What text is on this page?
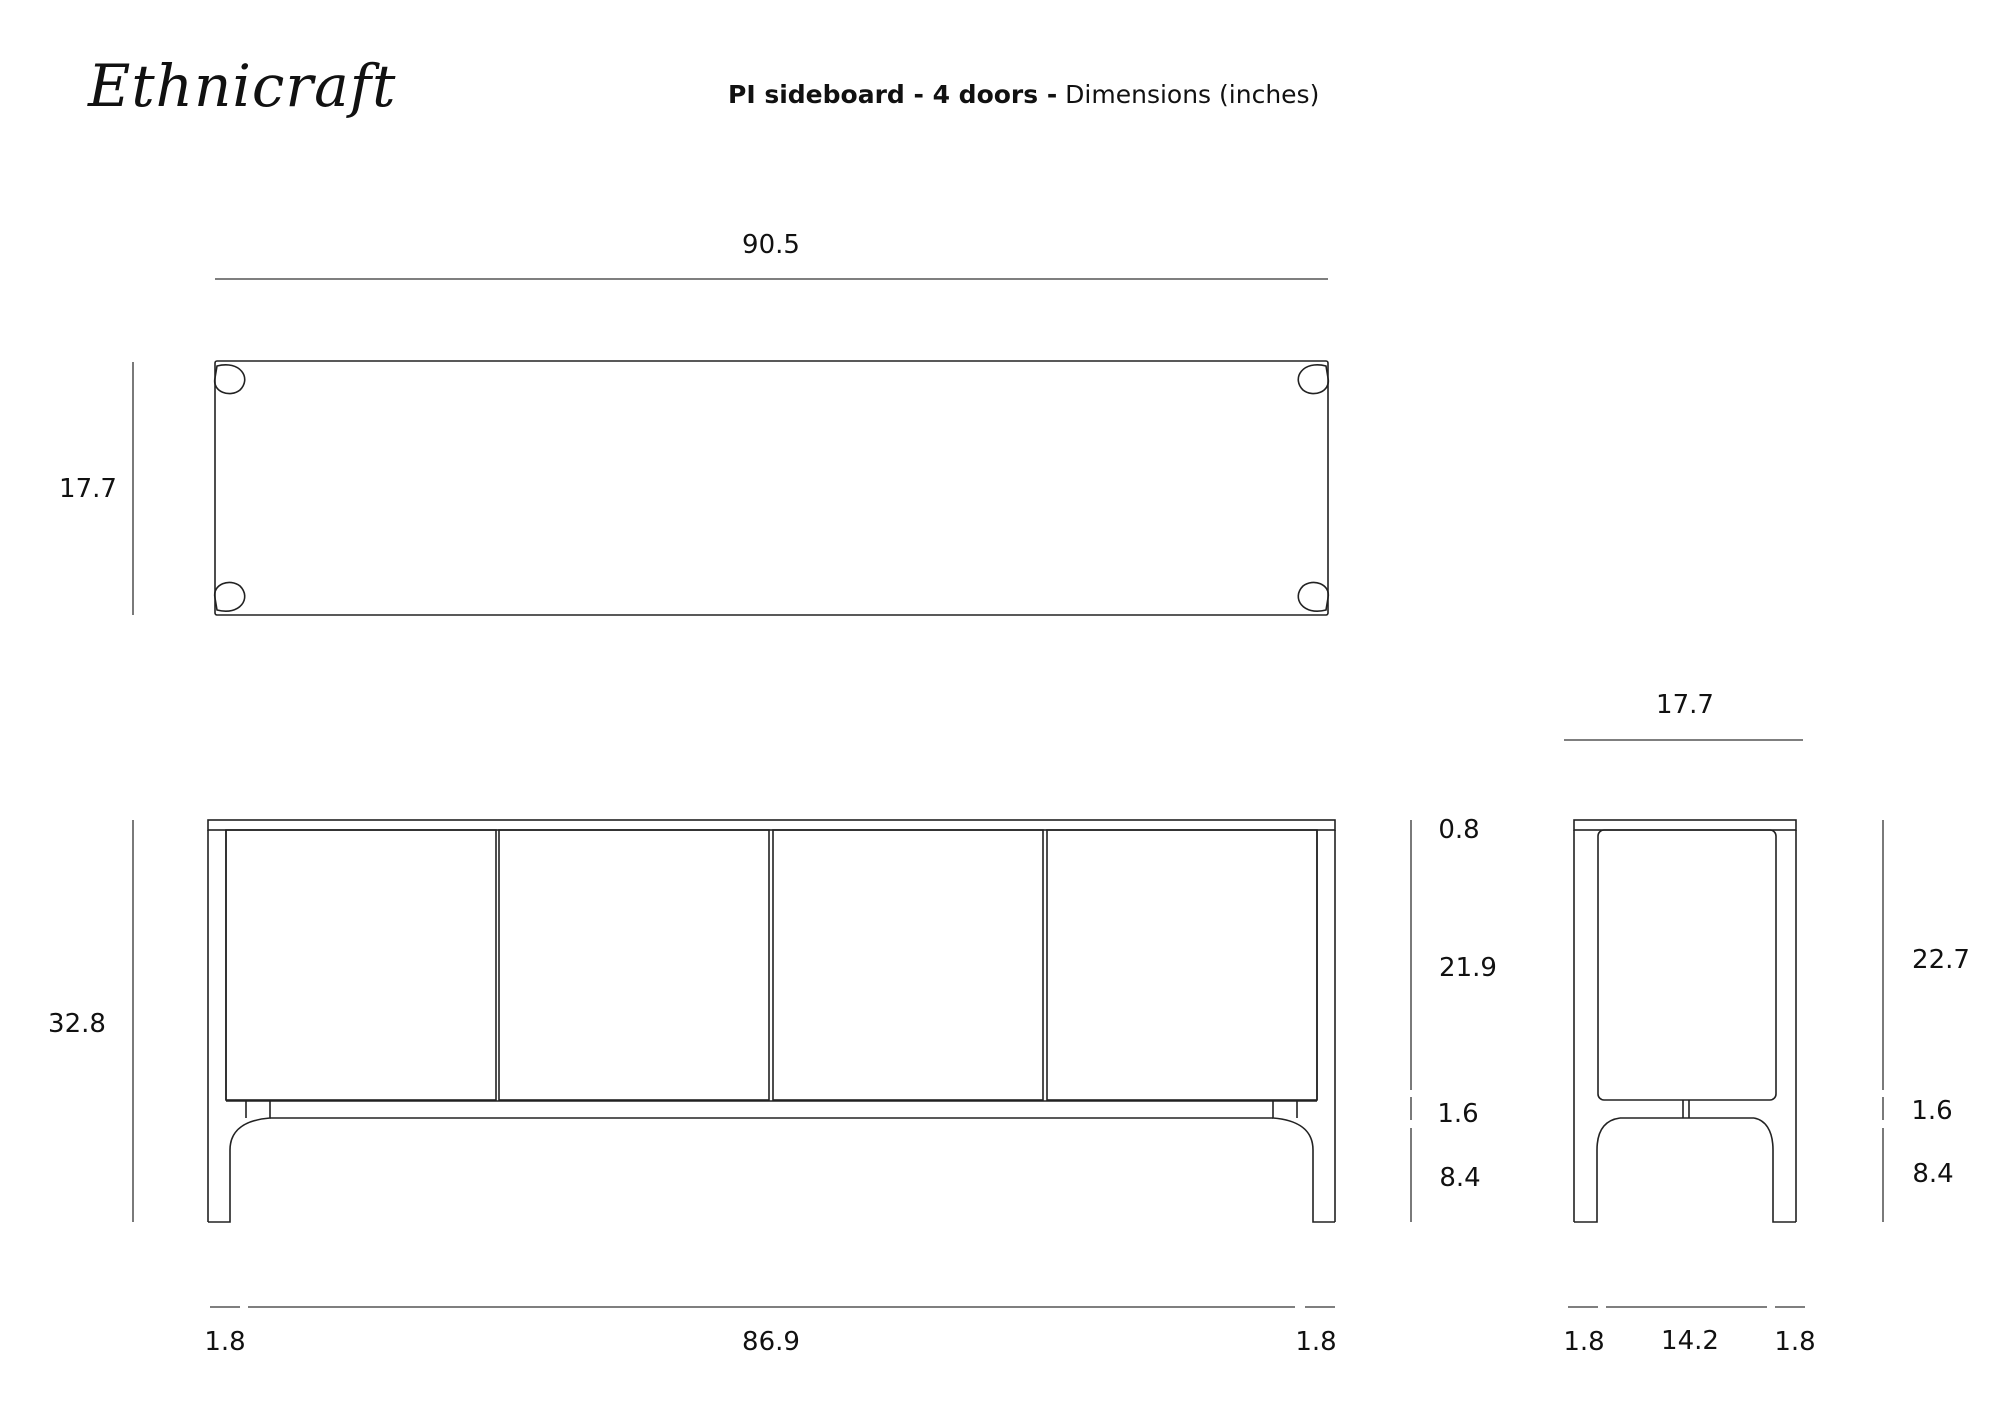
Ethnicraft	PI sideboard - 4 doors - Dimensions (inches)
90.5
17.7
32.8
0.8
21.9
1.6
8.4
1.8	86.9	1.8
17.7
22.7
1.6
8.4
1.8 14.2 1.8
